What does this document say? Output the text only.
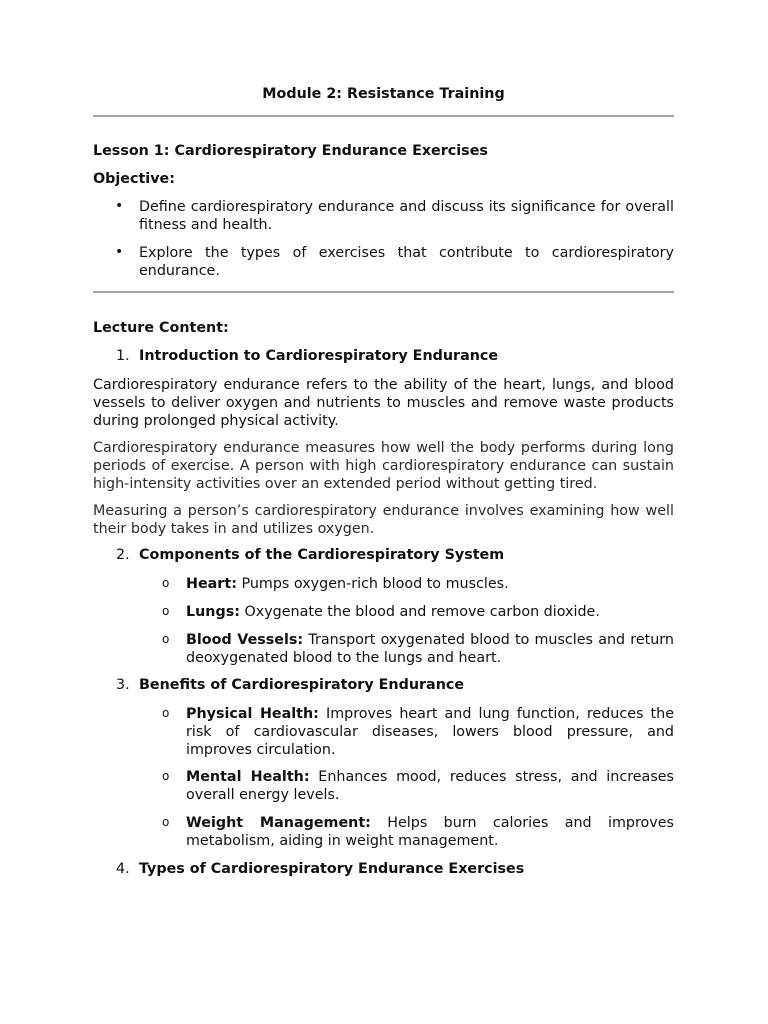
Module 2: Resistance Training
Lesson 1: Cardiorespiratory Endurance Exercises
Objective:
• Define cardiorespiratory endurance and discuss its significance for overall fitness and health.
• Explore the types of exercises that contribute to cardiorespiratory endurance.
Lecture Content:
1. Introduction to Cardiorespiratory Endurance

Cardiorespiratory endurance refers to the ability of the heart, lungs, and blood vessels to deliver oxygen and nutrients to muscles and remove waste products during prolonged physical activity.

Cardiorespiratory endurance measures how well the body performs during long periods of exercise. A person with high cardiorespiratory endurance can sustain high-intensity activities over an extended period without getting tired.

Measuring a person’s cardiorespiratory endurance involves examining how well their body takes in and utilizes oxygen.

2. Components of the Cardiorespiratory System
o Heart: Pumps oxygen-rich blood to muscles.
o Lungs: Oxygenate the blood and remove carbon dioxide.
o Blood Vessels: Transport oxygenated blood to muscles and return deoxygenated blood to the lungs and heart.
3. Benefits of Cardiorespiratory Endurance
o Physical Health: Improves heart and lung function, reduces the risk of cardiovascular diseases, lowers blood pressure, and improves circulation.
o Mental Health: Enhances mood, reduces stress, and increases overall energy levels.
o Weight Management: Helps burn calories and improves metabolism, aiding in weight management.
4. Types of Cardiorespiratory Endurance Exercises
